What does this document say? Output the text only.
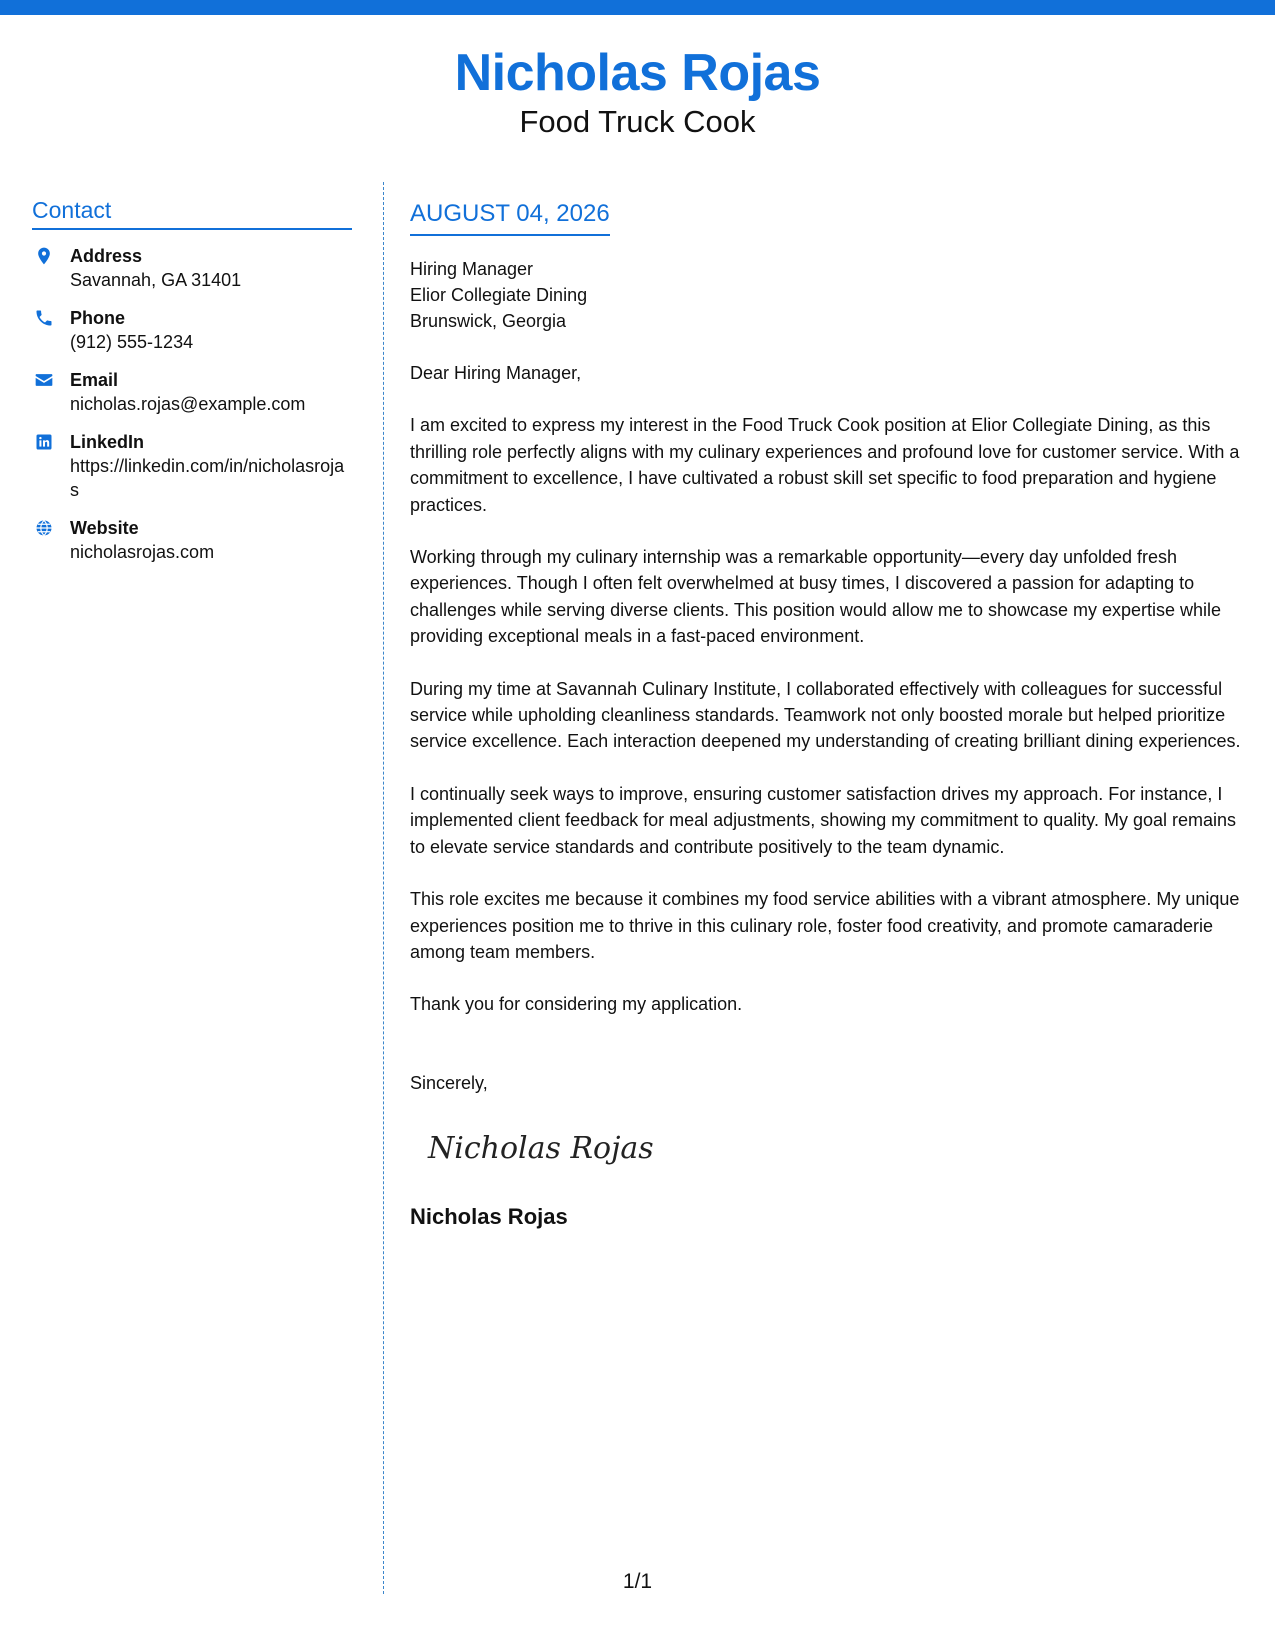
Nicholas Rojas
Food Truck Cook
Contact
Address
Savannah, GA 31401
Phone
(912) 555-1234
Email
nicholas.rojas@example.com
LinkedIn
https://linkedin.com/in/nicholasrojas
Website
nicholasrojas.com
AUGUST 04, 2026
Hiring Manager
Elior Collegiate Dining
Brunswick, Georgia
Dear Hiring Manager,
I am excited to express my interest in the Food Truck Cook position at Elior Collegiate Dining, as this thrilling role perfectly aligns with my culinary experiences and profound love for customer service. With a commitment to excellence, I have cultivated a robust skill set specific to food preparation and hygiene practices.
Working through my culinary internship was a remarkable opportunity—every day unfolded fresh experiences. Though I often felt overwhelmed at busy times, I discovered a passion for adapting to challenges while serving diverse clients. This position would allow me to showcase my expertise while providing exceptional meals in a fast-paced environment.
During my time at Savannah Culinary Institute, I collaborated effectively with colleagues for successful service while upholding cleanliness standards. Teamwork not only boosted morale but helped prioritize service excellence. Each interaction deepened my understanding of creating brilliant dining experiences.
I continually seek ways to improve, ensuring customer satisfaction drives my approach. For instance, I implemented client feedback for meal adjustments, showing my commitment to quality. My goal remains to elevate service standards and contribute positively to the team dynamic.
This role excites me because it combines my food service abilities with a vibrant atmosphere. My unique experiences position me to thrive in this culinary role, foster food creativity, and promote camaraderie among team members.
Thank you for considering my application.
Sincerely,
Nicholas Rojas
Nicholas Rojas
1/1
